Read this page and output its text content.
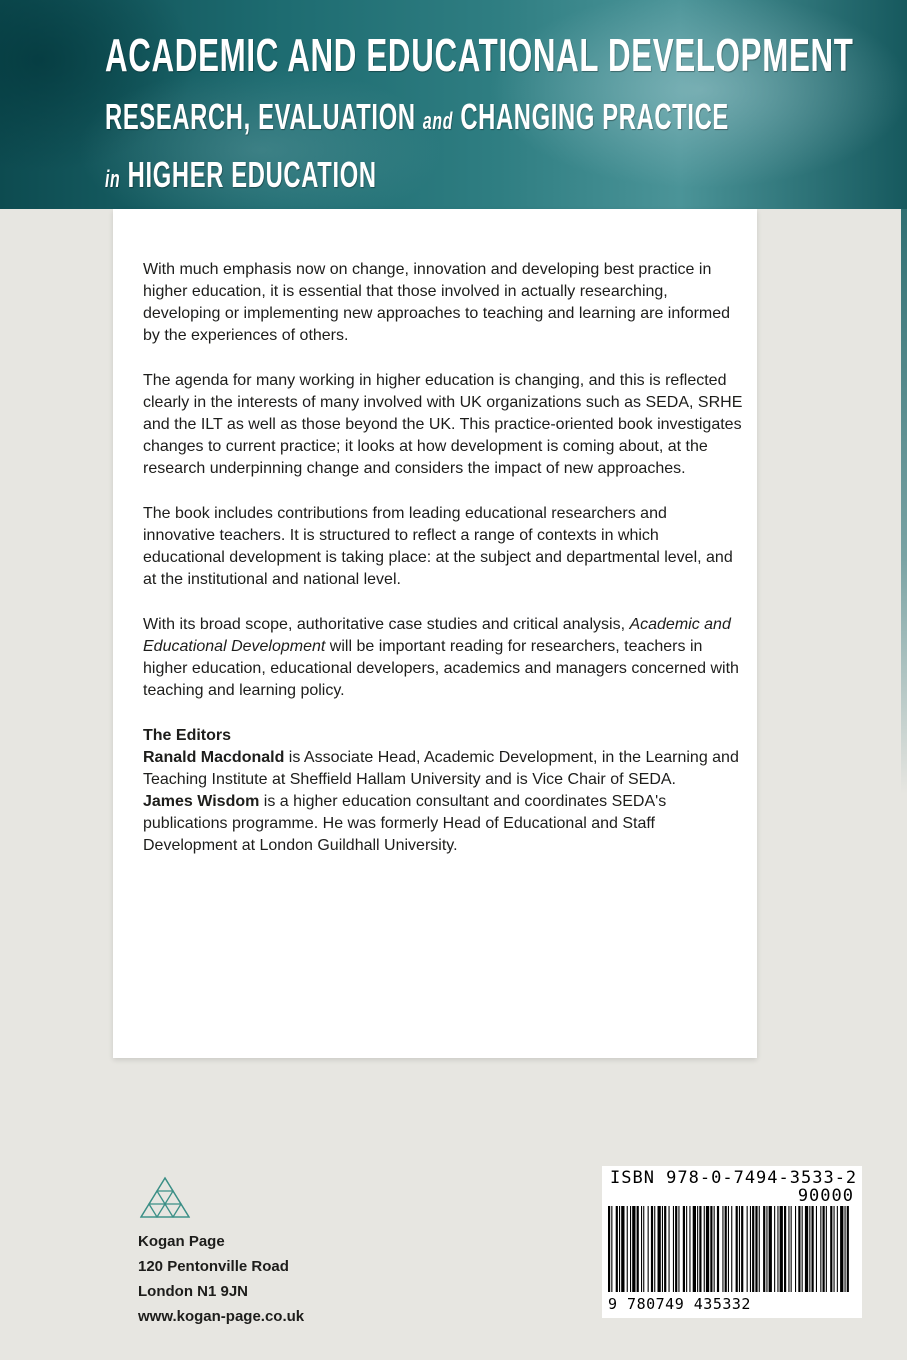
ACADEMIC AND EDUCATIONAL DEVELOPMENT
RESEARCH, EVALUATION and CHANGING PRACTICE
in HIGHER EDUCATION

With much emphasis now on change, innovation and developing best practice in higher education, it is essential that those involved in actually researching, developing or implementing new approaches to teaching and learning are informed by the experiences of others.

The agenda for many working in higher education is changing, and this is reflected clearly in the interests of many involved with UK organizations such as SEDA, SRHE and the ILT as well as those beyond the UK. This practice-oriented book investigates changes to current practice; it looks at how development is coming about, at the research underpinning change and considers the impact of new approaches.

The book includes contributions from leading educational researchers and innovative teachers. It is structured to reflect a range of contexts in which educational development is taking place: at the subject and departmental level, and at the institutional and national level.

With its broad scope, authoritative case studies and critical analysis, Academic and Educational Development will be important reading for researchers, teachers in higher education, educational developers, academics and managers concerned with teaching and learning policy.

The Editors

Ranald Macdonald is Associate Head, Academic Development, in the Learning and Teaching Institute at Sheffield Hallam University and is Vice Chair of SEDA.

James Wisdom is a higher education consultant and coordinates SEDA's publications programme. He was formerly Head of Educational and Staff Development at London Guildhall University.

Kogan Page

120 Pentonville Road

London N1 9JN

www.kogan-page.co.uk

ISBN 978-0-7494-3533-2
90000
9 780749 435332
